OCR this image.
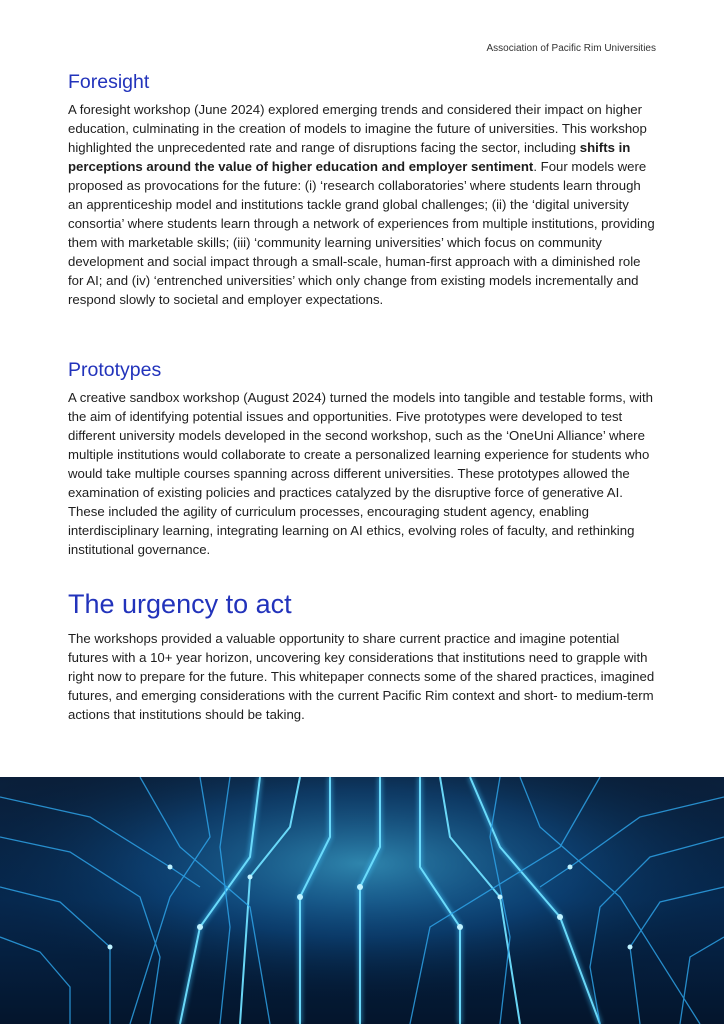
Association of Pacific Rim Universities
Foresight

A foresight workshop (June 2024) explored emerging trends and considered their impact on higher education, culminating in the creation of models to imagine the future of universities. This workshop highlighted the unprecedented rate and range of disruptions facing the sector, including shifts in perceptions around the value of higher education and employer sentiment. Four models were proposed as provocations for the future: (i) ‘research collaboratories’ where students learn through an apprenticeship model and institutions tackle grand global challenges; (ii) the ‘digital university consortia’ where students learn through a network of experiences from multiple institutions, providing them with marketable skills; (iii) ‘community learning universities’ which focus on community development and social impact through a small-scale, human-first approach with a diminished role for AI; and (iv) ‘entrenched universities’ which only change from existing models incrementally and respond slowly to societal and employer expectations.

Prototypes

A creative sandbox workshop (August 2024) turned the models into tangible and testable forms, with the aim of identifying potential issues and opportunities. Five prototypes were developed to test different university models developed in the second workshop, such as the ‘OneUni Alliance’ where multiple institutions would collaborate to create a personalized learning experience for students who would take multiple courses spanning across different universities. These prototypes allowed the examination of existing policies and practices catalyzed by the disruptive force of generative AI. These included the agility of curriculum processes, encouraging student agency, enabling interdisciplinary learning, integrating learning on AI ethics, evolving roles of faculty, and rethinking institutional governance.

The urgency to act

The workshops provided a valuable opportunity to share current practice and imagine potential futures with a 10+ year horizon, uncovering key considerations that institutions need to grapple with right now to prepare for the future. This whitepaper connects some of the shared practices, imagined futures, and emerging considerations with the current Pacific Rim context and short- to medium-term actions that institutions should be taking.
